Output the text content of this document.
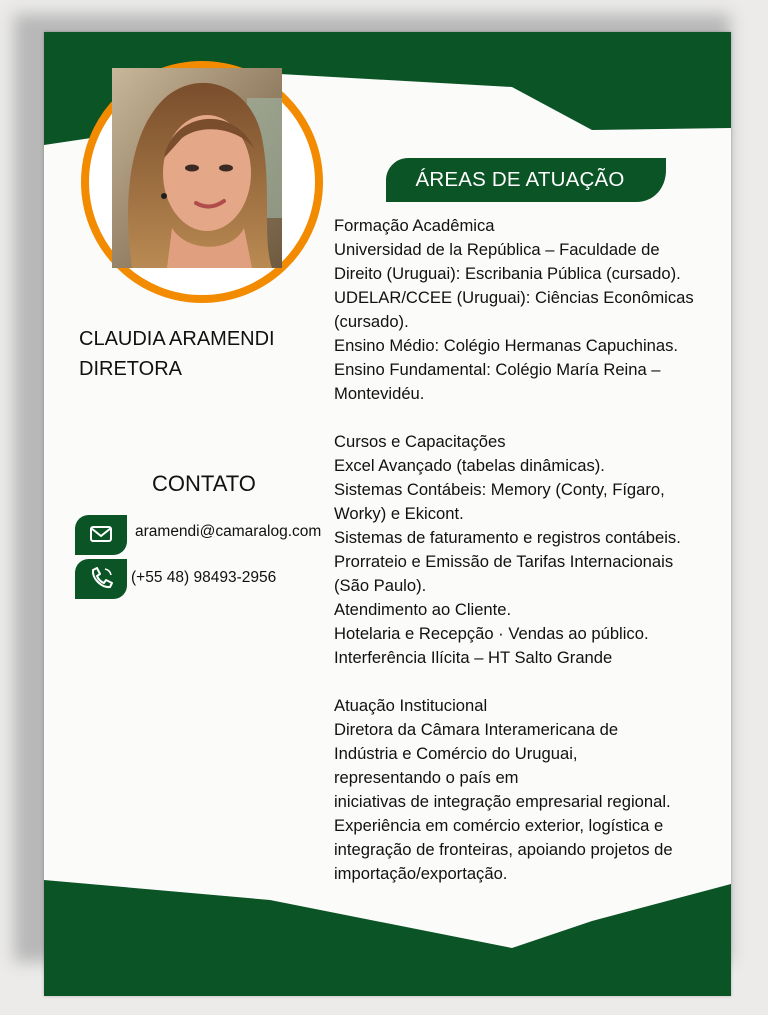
CLAUDIA ARAMENDI
DIRETORA
CONTATO
aramendi@camaralog.com
(+55 48) 98493-2956
ÁREAS DE ATUAÇÃO
Formação Acadêmica
Universidad de la República – Faculdade de
Direito (Uruguai): Escribania Pública (cursado).
UDELAR/CCEE (Uruguai): Ciências Econômicas
(cursado).
Ensino Médio: Colégio Hermanas Capuchinas.
Ensino Fundamental: Colégio María Reina –
Montevidéu.
Cursos e Capacitações
Excel Avançado (tabelas dinâmicas).
Sistemas Contábeis: Memory (Conty, Fígaro,
Worky) e Ekicont.
Sistemas de faturamento e registros contábeis.
Prorrateio e Emissão de Tarifas Internacionais
(São Paulo).
Atendimento ao Cliente.
Hotelaria e Recepção · Vendas ao público.
Interferência Ilícita – HT Salto Grande
Atuação Institucional
Diretora da Câmara Interamericana de
Indústria e Comércio do Uruguai,
representando o país em
iniciativas de integração empresarial regional.
Experiência em comércio exterior, logística e
integração de fronteiras, apoiando projetos de
importação/exportação.
